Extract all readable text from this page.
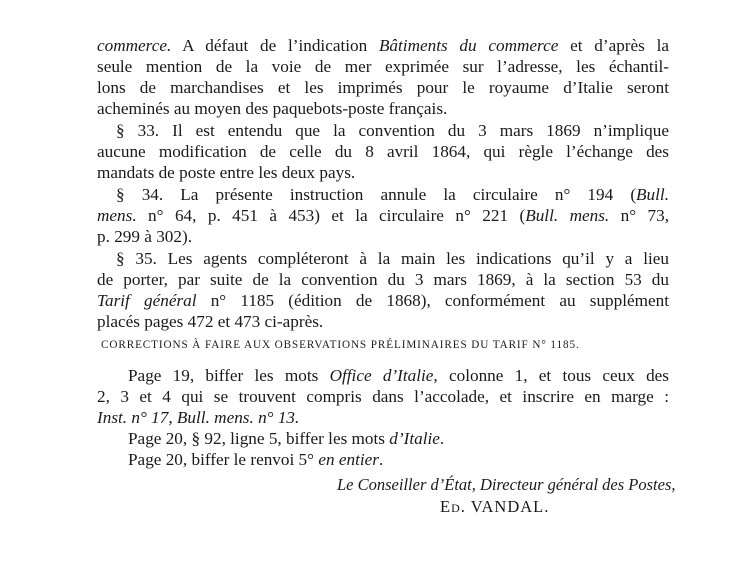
commerce. A défaut de l’indication Bâtiments du commerce et d’après la
seule mention de la voie de mer exprimée sur l’adresse, les échantil-
lons de marchandises et les imprimés pour le royaume d’Italie seront
acheminés au moyen des paquebots-poste français.
§ 33. Il est entendu que la convention du 3 mars 1869 n’implique
aucune modification de celle du 8 avril 1864, qui règle l’échange des
mandats de poste entre les deux pays.
§ 34. La présente instruction annule la circulaire n° 194 (Bull.
mens. n° 64, p. 451 à 453) et la circulaire n° 221 (Bull. mens. n° 73,
p. 299 à 302).
§ 35. Les agents compléteront à la main les indications qu’il y a lieu
de porter, par suite de la convention du 3 mars 1869, à la section 53 du
Tarif général n° 1185 (édition de 1868), conformément au supplément
placés pages 472 et 473 ci-après.
CORRECTIONS À FAIRE AUX OBSERVATIONS PRÉLIMINAIRES DU TARIF N° 1185.
Page 19, biffer les mots Office d’Italie, colonne 1, et tous ceux des
2, 3 et 4 qui se trouvent compris dans l’accolade, et inscrire en marge :
Inst. n° 17, Bull. mens. n° 13.
Page 20, § 92, ligne 5, biffer les mots d’Italie.
Page 20, biffer le renvoi 5° en entier.
Le Conseiller d’État, Directeur général des Postes,
Ed. VANDAL.
